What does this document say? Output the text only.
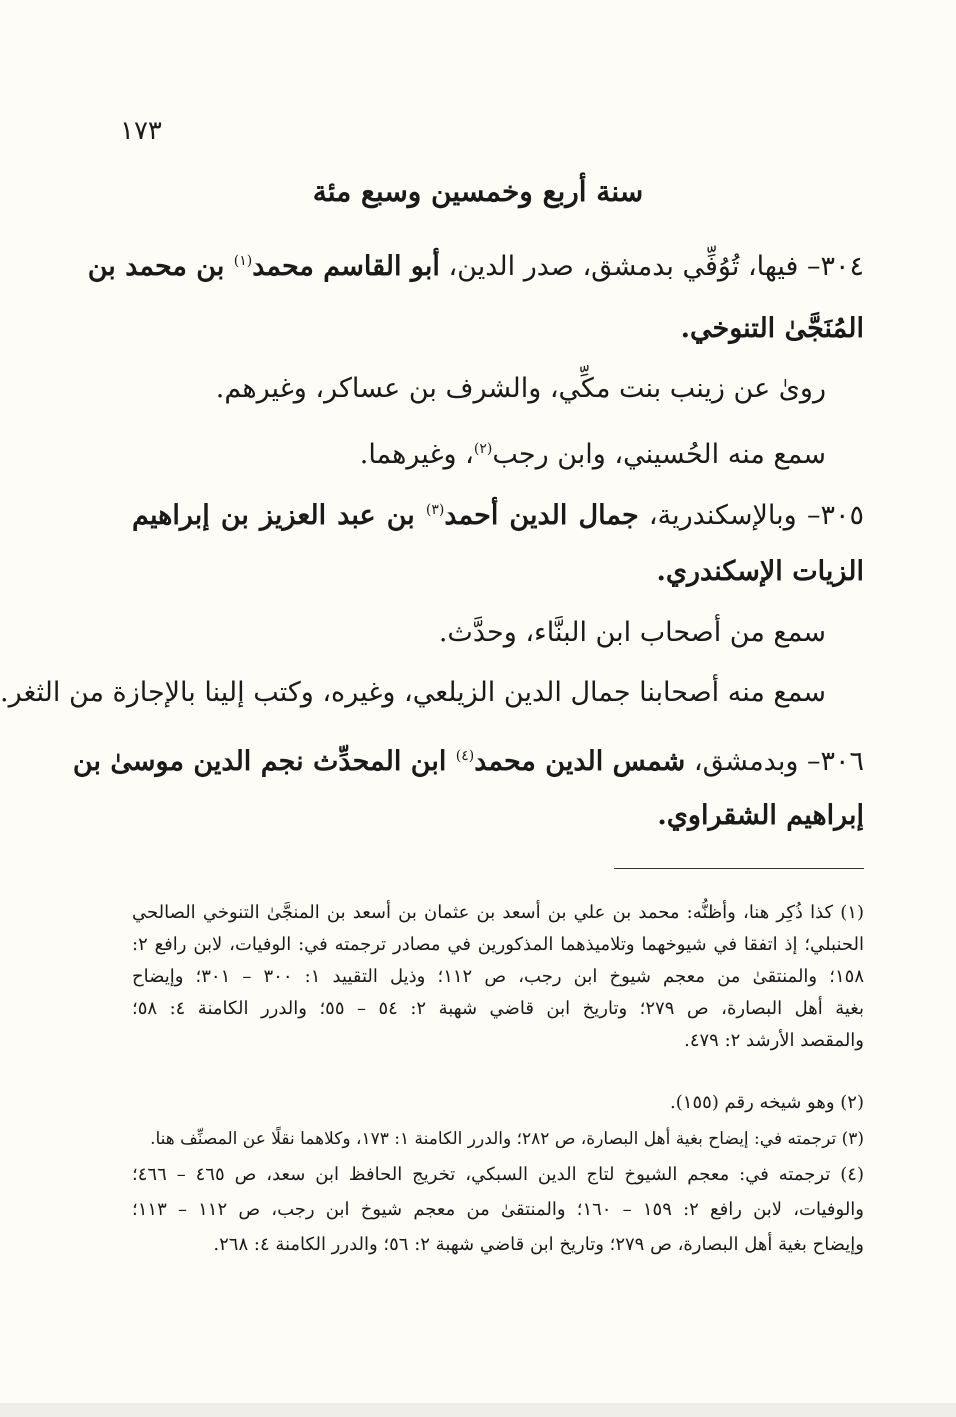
١٧٣
سنة أربع وخمسين وسبع مئة
٣٠٤– فيها، تُوُفِّي بدمشق، صدر الدين، أبو القاسم محمد$^{(١)}$ بن محمد بن
المُنَجَّىٰ التنوخي.
رویٰ عن زينب بنت مكِّي، والشرف بن عساكر، وغيرهم.
سمع منه الحُسيني، وابن رجب$^{(٢)}$، وغيرهما.
٣٠٥– وبالإسكندرية، جمال الدين أحمد$^{(٣)}$ بن عبد العزيز بن إبراهيم
الزيات الإسكندري.
سمع من أصحاب ابن البنَّاء، وحدَّث.
سمع منه أصحابنا جمال الدين الزيلعي، وغيره، وكتب إلينا بالإجازة من الثغر.
٣٠٦– وبدمشق، شمس الدين محمد$^{(٤)}$ ابن المحدِّث نجم الدين موسىٰ بن
إبراهيم الشقراوي.
(١) كذا ذُكِر هنا، وأظنُّه: محمد بن علي بن أسعد بن عثمان بن أسعد بن المنجَّىٰ التنوخي الصالحي
الحنبلي؛ إذ اتفقا في شيوخهما وتلاميذهما المذكورين في مصادر ترجمته في: الوفيات، لابن رافع ٢:
١٥٨؛ والمنتقىٰ من معجم شيوخ ابن رجب، ص ١١٢؛ وذيل التقييد ١: ٣٠٠ – ٣٠١؛ وإيضاح
بغية أهل البصارة، ص ٢٧٩؛ وتاريخ ابن قاضي شهبة ٢: ٥٤ – ٥٥؛ والدرر الكامنة ٤: ٥٨؛
والمقصد الأرشد ٢: ٤٧٩.
(٢) وهو شيخه رقم (١٥٥).
(٣) ترجمته في: إيضاح بغية أهل البصارة، ص ٢٨٢؛ والدرر الكامنة ١: ١٧٣، وكلاهما نقلًا عن المصنِّف هنا.
(٤) ترجمته في: معجم الشيوخ لتاج الدين السبكي، تخريج الحافظ ابن سعد، ص ٤٦٥ – ٤٦٦؛
والوفيات، لابن رافع ٢: ١٥٩ – ١٦٠؛ والمنتقىٰ من معجم شيوخ ابن رجب، ص ١١٢ – ١١٣؛
وإيضاح بغية أهل البصارة، ص ٢٧٩؛ وتاريخ ابن قاضي شهبة ٢: ٥٦؛ والدرر الكامنة ٤: ٢٦٨.
